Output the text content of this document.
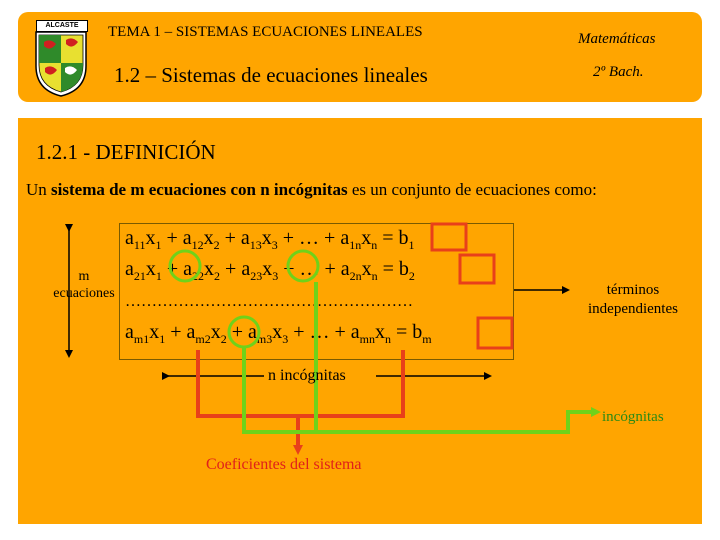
ALCASTE	TEMA 1 – SISTEMAS ECUACIONES LINEALES
1.2 – Sistemas de ecuaciones lineales
Matemáticas
2º Bach.
1.2.1 - DEFINICIÓN
Un sistema de m ecuaciones con n incógnitas es un conjunto de ecuaciones como:
$a_{11}x_1 + a_{12}x_2 + a_{13}x_3$ + … + $a_{1n}x_n = b_1$
$a_{21}x_1 + a_{22}x_2 + a_{23}x_3$ + … + $a_{2n}x_n = b_2$
………………………………………………
$a_{m1}x_1 + a_{m2}x_2 + a_{m3}x_3$ + … + $a_{mn}x_n = b_m$
m
ecuaciones	términos
independientes
n incógnitas
incógnitas
Coeficientes del sistema
